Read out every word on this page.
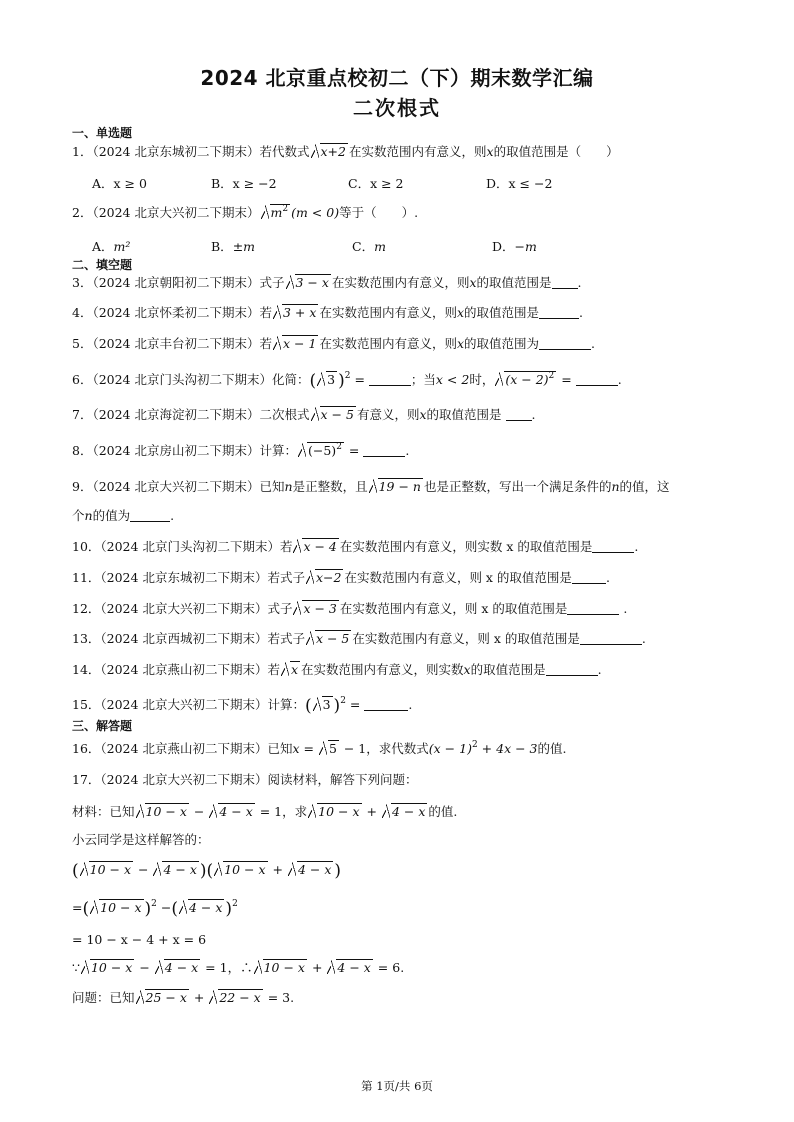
2024 北京重点校初二（下）期末数学汇编
二次根式
一、单选题
1．（2024 北京东城初二下期末）若代数式 x+2 在实数范围内有意义，则x的取值范围是（　　）
A．x ≥ 0	B．x ≥ −2	C．x ≥ 2	D．x ≤ −2
2．（2024 北京大兴初二下期末） $m^2$ (m < 0)等于（　　）.
A．m²	B．±m	C．m	D．−m
二、填空题
3．（2024 北京朝阳初二下期末）式子 3 − x 在实数范围内有意义，则x的取值范围是 .
4．（2024 北京怀柔初二下期末）若 3 + x 在实数范围内有意义，则x的取值范围是	.
5．（2024 北京丰台初二下期末）若 x − 1 在实数范围内有意义，则x的取值范围为	.
6．（2024 北京门头沟初二下期末）化简：( 3 )$^2$ =	；当x < 2时， $(x - 2)^2$ =	.
7．（2024 北京海淀初二下期末）二次根式 x − 5 有意义，则x的取值范围是 .
8．（2024 北京房山初二下期末）计算： $(-5)^2$ =	.
9．（2024 北京大兴初二下期末）已知n是正整数，且 19 − n 也是正整数，写出一个满足条件的n的值，这
个n的值为	.
10．（2024 北京门头沟初二下期末）若 x − 4 在实数范围内有意义，则实数 x 的取值范围是	.
11．（2024 北京东城初二下期末）若式子 x−2 在实数范围内有意义，则 x 的取值范围是	.
12．（2024 北京大兴初二下期末）式子 x − 3 在实数范围内有意义，则 x 的取值范围是	.
13．（2024 北京西城初二下期末）若式子 x − 5 在实数范围内有意义，则 x 的取值范围是	.
14．（2024 北京燕山初二下期末）若 x 在实数范围内有意义，则实数x的取值范围是	.
15．（2024 北京大兴初二下期末）计算：( 3 )$^2$ =	.
三、解答题
16．（2024 北京燕山初二下期末）已知x = 5 − 1，求代数式$(x - 1)^2 + 4x - 3$的值.
17．（2024 北京大兴初二下期末）阅读材料，解答下列问题：
材料：已知 10 − x − 4 − x = 1，求 10 − x + 4 − x 的值.
小云同学是这样解答的：
( 10 − x − 4 − x )( 10 − x + 4 − x )
=( 10 − x )$^2$ −( 4 − x )$^2$
= 10 − x − 4 + x = 6
∵ 10 − x − 4 − x = 1，∴ 10 − x + 4 − x = 6.
问题：已知 25 − x + 22 − x = 3.
第 1页/共 6页
